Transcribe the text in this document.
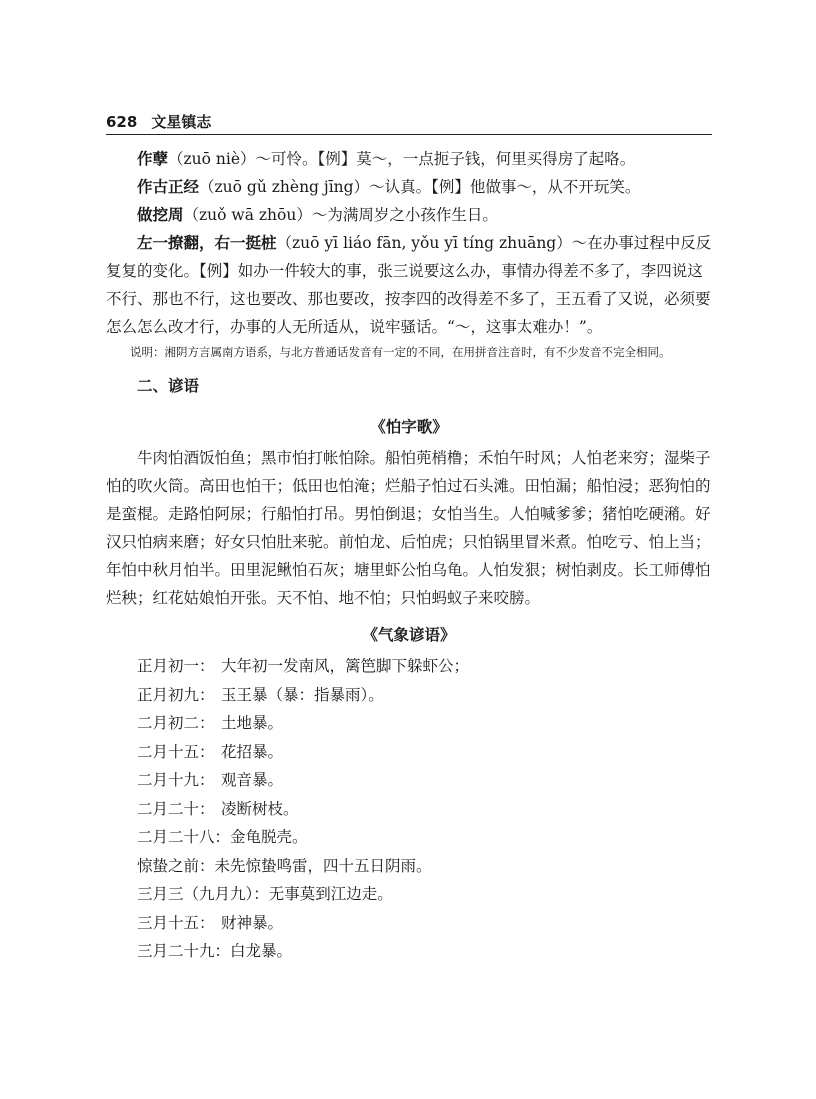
628 文星镇志

作孽（zuō niè）～可怜。【例】莫～，一点扼子钱，何里买得房了起咯。

作古正经（zuō gǔ zhèng jīng）～认真。【例】他做事～，从不开玩笑。

做挖周（zuǒ wā zhōu）～为满周岁之小孩作生日。

左一撩翻，右一挺桩（zuō yī liáo fān, yǒu yī tíng zhuāng）～在办事过程中反反复复的变化。【例】如办一件较大的事，张三说要这么办，事情办得差不多了，李四说这不行、那也不行，这也要改、那也要改，按李四的改得差不多了，王五看了又说，必须要怎么怎么改才行，办事的人无所适从，说牢骚话。“～，这事太难办！”。

说明：湘阴方言属南方语系，与北方普通话发音有一定的不同，在用拼音注音时，有不少发音不完全相同。

二、谚语
《怕字歌》

牛肉怕酒饭怕鱼；黑市怕打帐怕除。船怕蔸梢橹；禾怕午时风；人怕老来穷；湿柴子怕的吹火筒。高田也怕干；低田也怕淹；烂船子怕过石头滩。田怕漏；船怕浸；恶狗怕的是蛮棍。走路怕阿尿；行船怕打吊。男怕倒退；女怕当生。人怕喊爹爹；猪怕吃硬潲。好汉只怕病来磨；好女只怕肚来驼。前怕龙、后怕虎；只怕锅里冒米煮。怕吃亏、怕上当；年怕中秋月怕半。田里泥鳅怕石灰；塘里虾公怕乌龟。人怕发狠；树怕剥皮。长工师傅怕烂秧；红花姑娘怕开张。天不怕、地不怕；只怕蚂蚁子来咬膀。

《气象谚语》
正月初一： 大年初一发南风，篱笆脚下躲虾公；
正月初九： 玉王暴（暴：指暴雨）。
二月初二： 土地暴。
二月十五： 花招暴。
二月十九： 观音暴。
二月二十： 凌断树枝。
二月二十八：金龟脱壳。
惊蛰之前：未先惊蛰鸣雷，四十五日阴雨。
三月三（九月九）：无事莫到江边走。
三月十五： 财神暴。
三月二十九：白龙暴。
